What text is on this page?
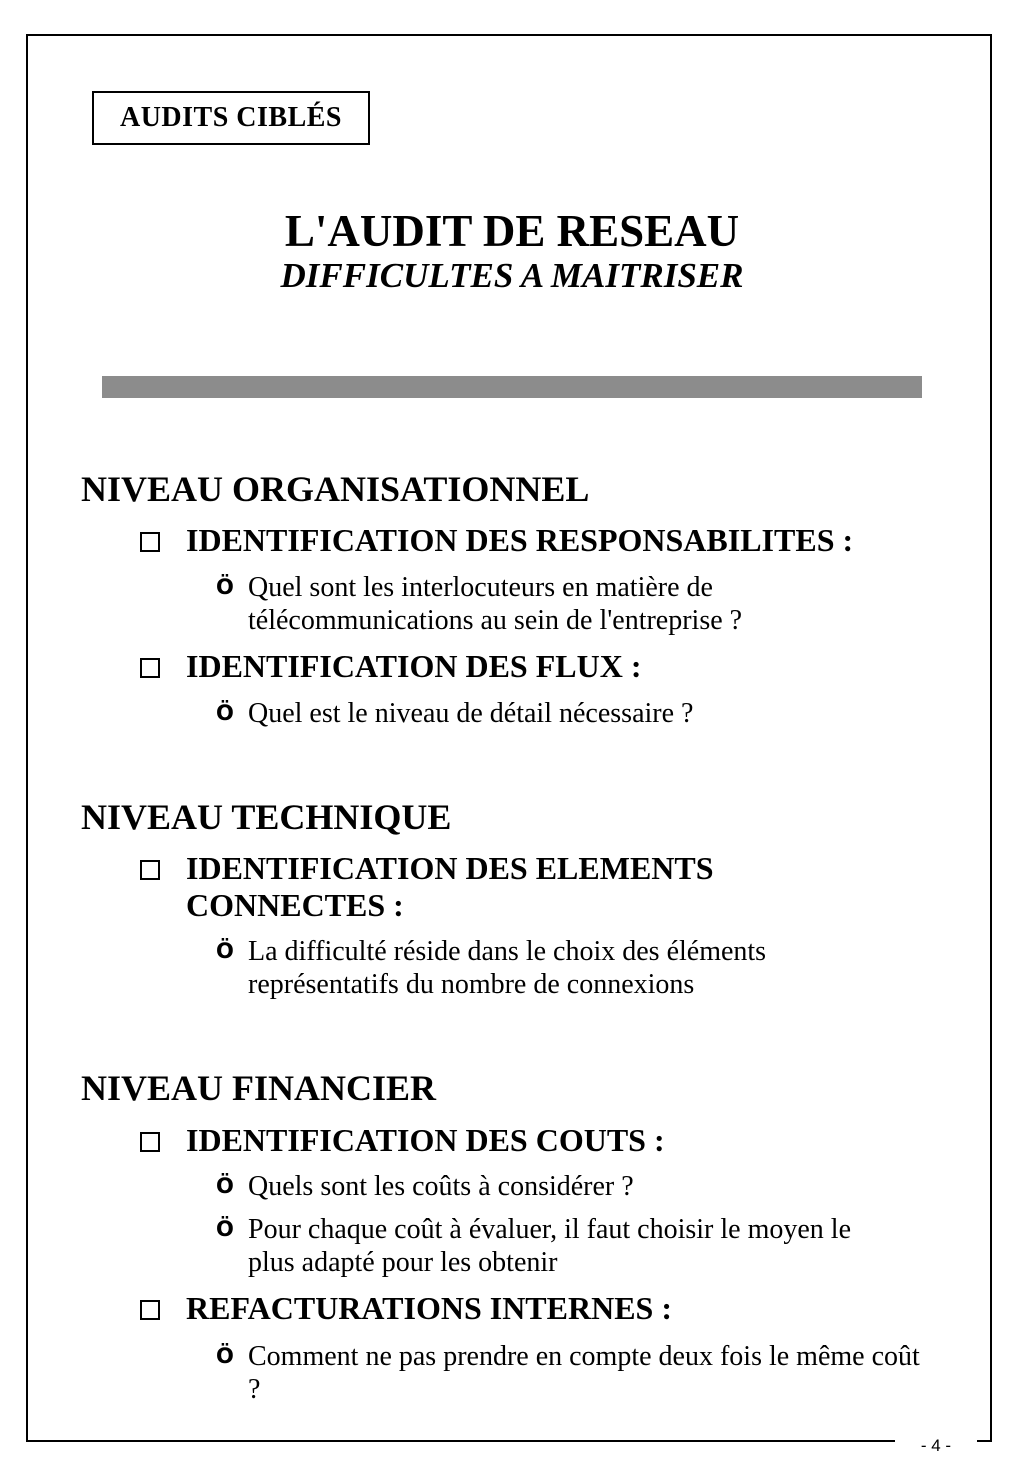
- 4 -
AUDITS CIBLÉS
L'AUDIT DE RESEAU
DIFFICULTES A MAITRISER
NIVEAU ORGANISATIONNEL
IDENTIFICATION DES RESPONSABILITES :
Ö Quel sont les interlocuteurs en matière de télécommunications au sein de l'entreprise ?
IDENTIFICATION DES FLUX :
Ö Quel est le niveau de détail nécessaire ?
NIVEAU TECHNIQUE
IDENTIFICATION DES ELEMENTS CONNECTES :
Ö La difficulté réside dans le choix des éléments représentatifs du nombre de connexions
NIVEAU FINANCIER
IDENTIFICATION DES COUTS :
Ö Quels sont les coûts à considérer ?
Ö Pour chaque coût à évaluer, il faut choisir le moyen le plus adapté pour les obtenir
REFACTURATIONS INTERNES :
Ö Comment ne pas prendre en compte deux fois le même coût ?
